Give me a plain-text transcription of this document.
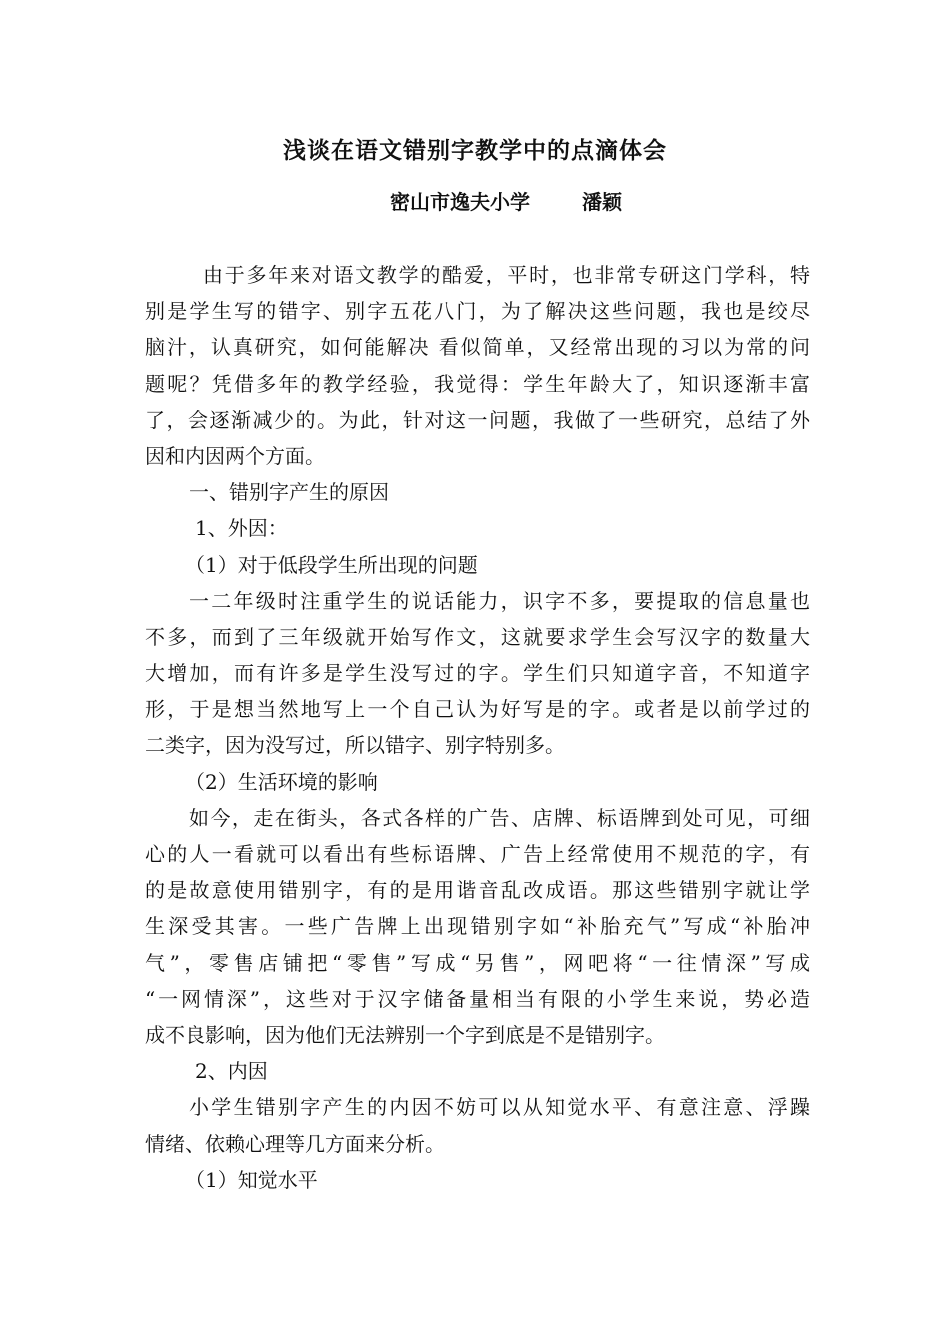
浅谈在语文错别字教学中的点滴体会
密山市逸夫小学	潘颖
由于多年来对语文教学的酷爱，平时，也非常专研这门学科，特
别是学生写的错字、别字五花八门，为了解决这些问题，我也是绞尽
脑汁，认真研究，如何能解决 看似简单，又经常出现的习以为常的问
题呢？凭借多年的教学经验，我觉得：学生年龄大了，知识逐渐丰富
了，会逐渐减少的。为此，针对这一问题，我做了一些研究，总结了外
因和内因两个方面。
一、错别字产生的原因
1、外因：
（1）对于低段学生所出现的问题
一二年级时注重学生的说话能力，识字不多，要提取的信息量也
不多，而到了三年级就开始写作文，这就要求学生会写汉字的数量大
大增加，而有许多是学生没写过的字。学生们只知道字音，不知道字
形，于是想当然地写上一个自己认为好写是的字。或者是以前学过的
二类字，因为没写过，所以错字、别字特别多。
（2）生活环境的影响
如今，走在街头，各式各样的广告、店牌、标语牌到处可见，可细
心的人一看就可以看出有些标语牌、广告上经常使用不规范的字，有
的是故意使用错别字，有的是用谐音乱改成语。那这些错别字就让学
生深受其害。一些广告牌上出现错别字如“补胎充气”写成“补胎冲
气”，零售店铺把“零售”写成“另售”，网吧将“一往情深”写成
“一网情深”，这些对于汉字储备量相当有限的小学生来说，势必造
成不良影响，因为他们无法辨别一个字到底是不是错别字。
2、内因
小学生错别字产生的内因不妨可以从知觉水平、有意注意、浮躁
情绪、依赖心理等几方面来分析。
（1）知觉水平
